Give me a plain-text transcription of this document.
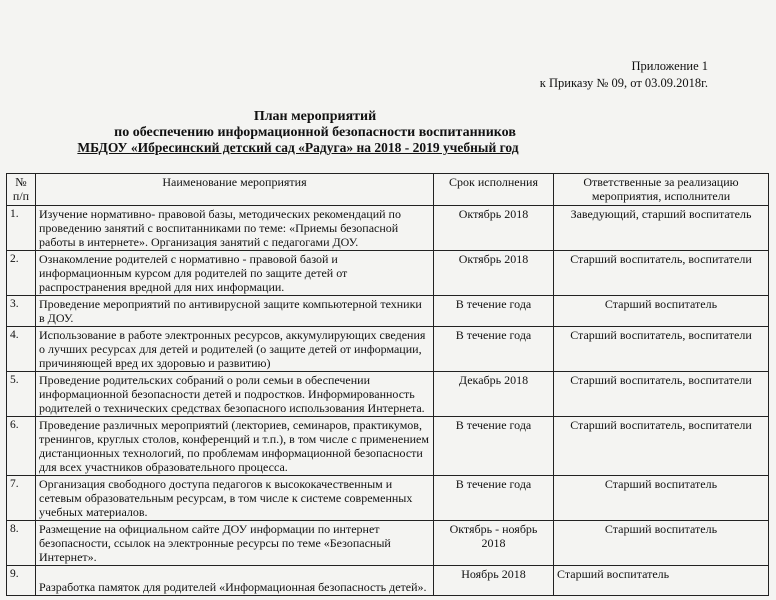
Приложение 1
к Приказу № 09, от 03.09.2018г.
План мероприятий
по обеспечению информационной безопасности воспитанников
МБДОУ «Ибресинский детский сад «Радуга» на 2018 - 2019 учебный год
№ п/п	Наименование мероприятия	Срок исполнения	Ответственные за реализацию мероприятия, исполнители
1.	Изучение нормативно- правовой базы, методических рекомендаций по проведению занятий с воспитанниками по теме: «Приемы безопасной работы в интернете». Организация занятий с педагогами ДОУ.	Октябрь 2018	Заведующий, старший воспитатель
2.	Ознакомление родителей с нормативно - правовой базой и информационным курсом для родителей по защите детей от распространения вредной для них информации.	Октябрь 2018	Старший воспитатель, воспитатели
3.	Проведение мероприятий по антивирусной защите компьютерной техники в ДОУ.	В течение года	Старший воспитатель
4.	Использование в работе электронных ресурсов, аккумулирующих сведения о лучших ресурсах для детей и родителей (о защите детей от информации, причиняющей вред их здоровью и развитию)	В течение года	Старший воспитатель, воспитатели
5.	Проведение родительских собраний о роли семьи в обеспечении информационной безопасности детей и подростков. Информированность родителей о технических средствах безопасного использования Интернета.	Декабрь 2018	Старший воспитатель, воспитатели
6.	Проведение различных мероприятий (лекториев, семинаров, практикумов, тренингов, круглых столов, конференций и т.п.), в том числе с применением дистанционных технологий, по проблемам информационной безопасности для всех участников образовательного процесса.	В течение года	Старший воспитатель, воспитатели
7.	Организация свободного доступа педагогов к высококачественным и сетевым образовательным ресурсам, в том числе к системе современных учебных материалов.	В течение года	Старший воспитатель
8.	Размещение на официальном сайте ДОУ информации по интернет безопасности, ссылок на электронные ресурсы по теме «Безопасный Интернет».	Октябрь - ноябрь 2018	Старший воспитатель
9.	Разработка памяток для родителей «Информационная безопасность детей».	Ноябрь 2018	Старший воспитатель
